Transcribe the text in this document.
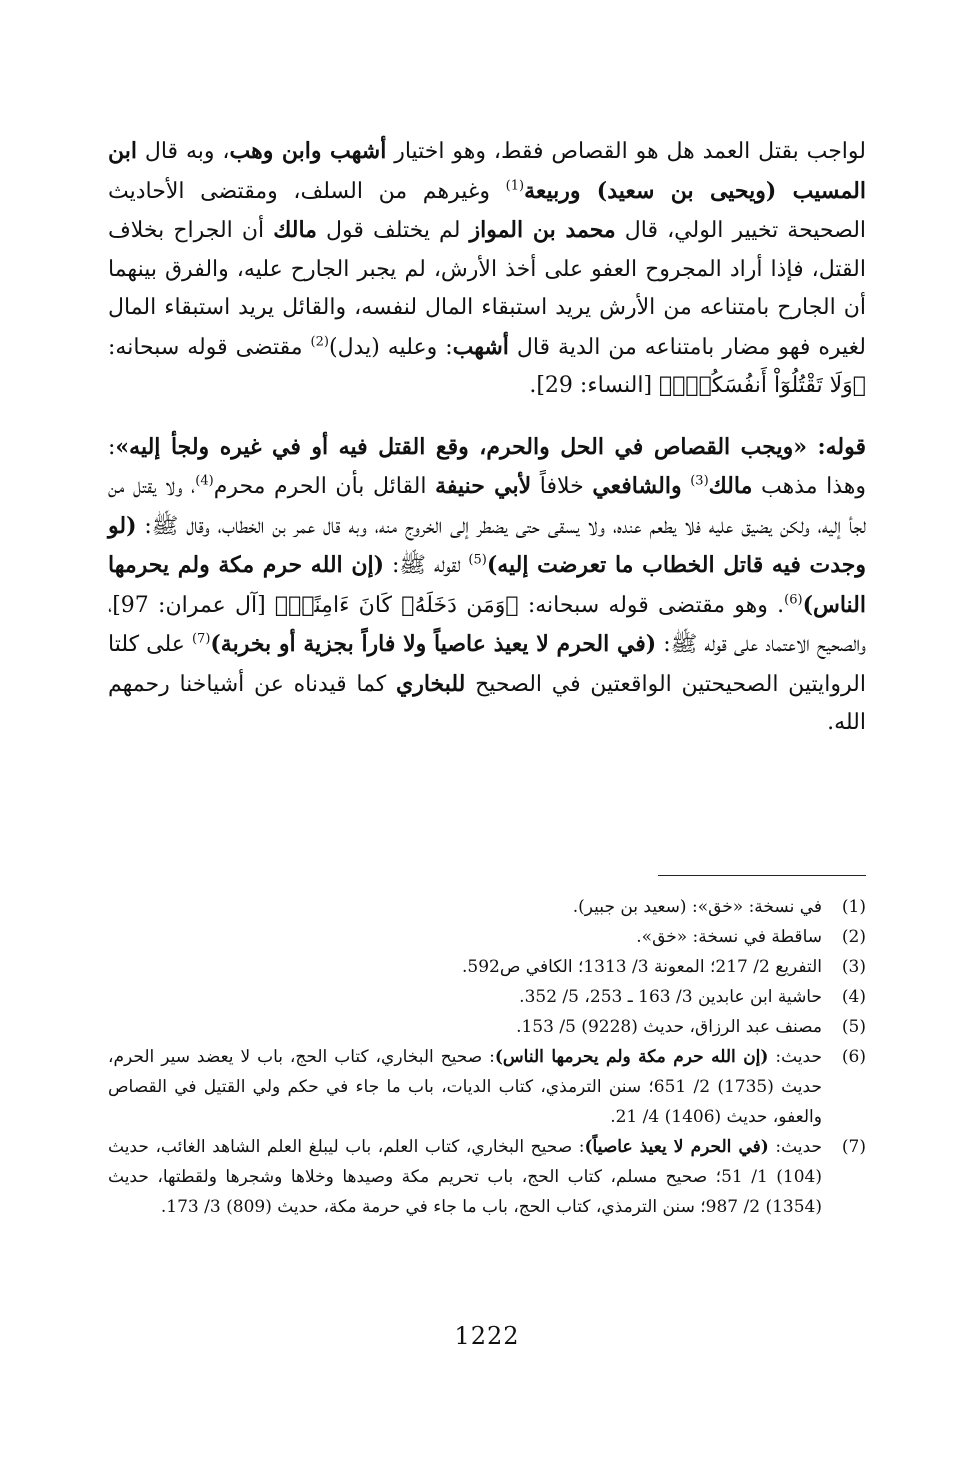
لواجب بقتل العمد هل هو القصاص فقط، وهو اختيار أشهب وابن وهب، وبه قال ابن المسيب (ويحيى بن سعيد) وربيعة$^{(1)}$ وغيرهم من السلف، ومقتضى الأحاديث الصحيحة تخيير الولي، قال محمد بن المواز لم يختلف قول مالك أن الجراح بخلاف القتل، فإذا أراد المجروح العفو على أخذ الأرش، لم يجبر الجارح عليه، والفرق بينهما أن الجارح بامتناعه من الأرش يريد استبقاء المال لنفسه، والقائل يريد استبقاء المال لغيره فهو مضار بامتناعه من الدية قال أشهب: وعليه (يدل)$^{(2)}$ مقتضى قوله سبحانه: ﴿وَلَا تَقْتُلُوٓاْ أَنفُسَكُمْۚ﴾ [النساء: 29].

قوله: «ويجب القصاص في الحل والحرم، وقع القتل فيه أو في غيره ولجأ إليه»: وهذا مذهب مالك$^{(3)}$ والشافعي خلافاً لأبي حنيفة القائل بأن الحرم محرم$^{(4)}$، ولا يقتل من لجأ إليه، ولكن يضيق عليه فلا يطعم عنده، ولا يسقى حتى يضطر إلى الخروج منه، وبه قال عمر بن الخطاب، وقال ﷺ: (لو وجدت فيه قاتل الخطاب ما تعرضت إليه)$^{(5)}$ لقوله ﷺ: (إن الله حرم مكة ولم يحرمها الناس)$^{(6)}$. وهو مقتضى قوله سبحانه: ﴿وَمَن دَخَلَهُۥ كَانَ ءَامِنًاۗ﴾ [آل عمران: 97]، والصحيح الاعتماد على قوله ﷺ: (في الحرم لا يعيذ عاصياً ولا فاراً بجزية أو بخربة)$^{(7)}$ على كلتا الروايتين الصحيحتين الواقعتين في الصحيح للبخاري كما قيدناه عن أشياخنا رحمهم الله.

(1)
في نسخة: «خق»: (سعيد بن جبير).
(2)
ساقطة في نسخة: «خق».
(3)
التفريع 2/ 217؛ المعونة 3/ 1313؛ الكافي ص592.
(4)
حاشية ابن عابدين 3/ 163 ـ 253، 5/ 352.
(5)
مصنف عبد الرزاق، حديث (9228) 5/ 153.
(6)
حديث: (إن الله حرم مكة ولم يحرمها الناس): صحيح البخاري، كتاب الحج، باب لا يعضد سير الحرم، حديث (1735) 2/ 651؛ سنن الترمذي، كتاب الديات، باب ما جاء في حكم ولي القتيل في القصاص والعفو، حديث (1406) 4/ 21.
(7)
حديث: (في الحرم لا يعيذ عاصياً): صحيح البخاري، كتاب العلم، باب ليبلغ العلم الشاهد الغائب، حديث (104) 1/ 51؛ صحيح مسلم، كتاب الحج، باب تحريم مكة وصيدها وخلاها وشجرها ولقطتها، حديث (1354) 2/ 987؛ سنن الترمذي، كتاب الحج، باب ما جاء في حرمة مكة، حديث (809) 3/ 173.
1222
